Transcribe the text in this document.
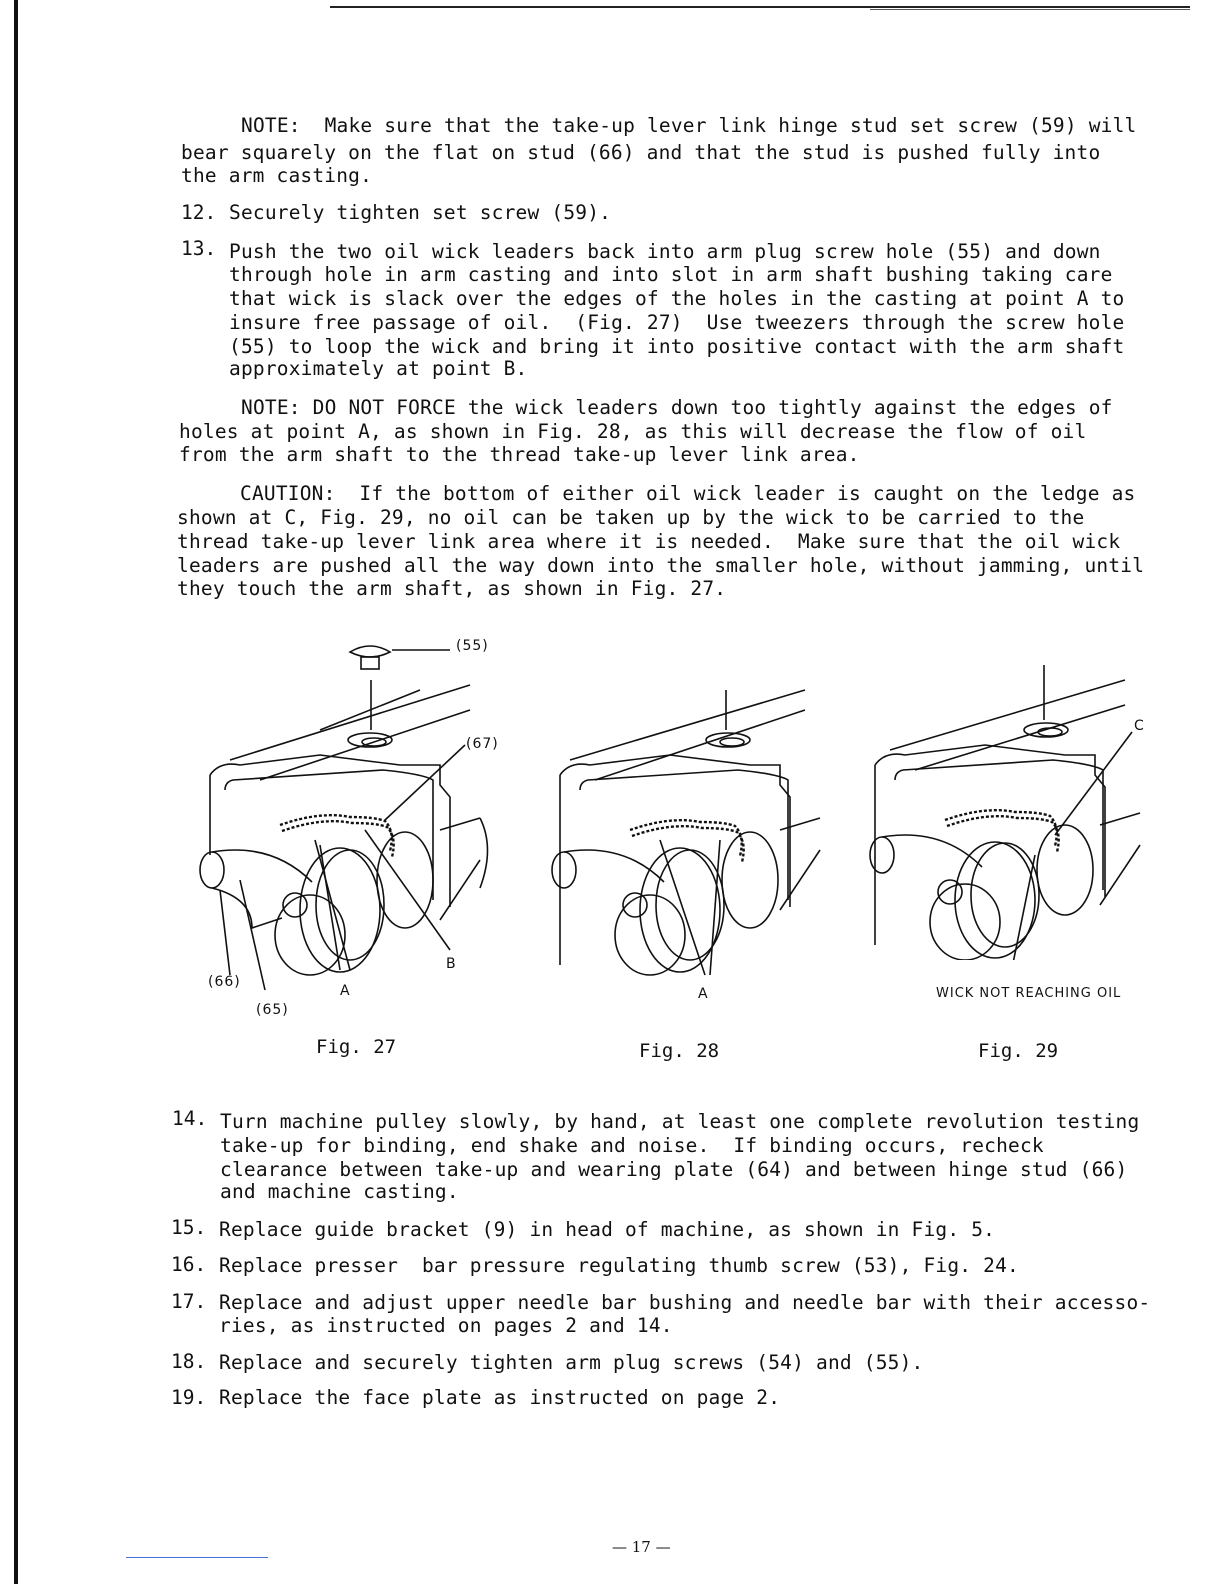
NOTE:  Make sure that the take-up lever link hinge stud set screw (59) will
bear squarely on the flat on stud (66) and that the stud is pushed fully into
the arm casting.
12. Securely tighten set screw (59).
13. Push the two oil wick leaders back into arm plug screw hole (55) and down
through hole in arm casting and into slot in arm shaft bushing taking care
that wick is slack over the edges of the holes in the casting at point A to
insure free passage of oil.  (Fig. 27)  Use tweezers through the screw hole
(55) to loop the wick and bring it into positive contact with the arm shaft
approximately at point B.
NOTE: DO NOT FORCE the wick leaders down too tightly against the edges of
holes at point A, as shown in Fig. 28, as this will decrease the flow of oil
from the arm shaft to the thread take-up lever link area.
CAUTION:  If the bottom of either oil wick leader is caught on the ledge as
shown at C, Fig. 29, no oil can be taken up by the wick to be carried to the
thread take-up lever link area where it is needed.  Make sure that the oil wick
leaders are pushed all the way down into the smaller hole, without jamming, until
they touch the arm shaft, as shown in Fig. 27.
(55)
(67)
(66)
(65)
A
B
Fig. 27
A
Fig. 28
C
WICK NOT REACHING OIL
Fig. 29
14. Turn machine pulley slowly, by hand, at least one complete revolution testing
take-up for binding, end shake and noise.  If binding occurs, recheck
clearance between take-up and wearing plate (64) and between hinge stud (66)
and machine casting.
15. Replace guide bracket (9) in head of machine, as shown in Fig. 5.
16. Replace presser  bar pressure regulating thumb screw (53), Fig. 24.
17. Replace and adjust upper needle bar bushing and needle bar with their accesso-
ries, as instructed on pages 2 and 14.
18. Replace and securely tighten arm plug screws (54) and (55).
19. Replace the face plate as instructed on page 2.
— 17 —
